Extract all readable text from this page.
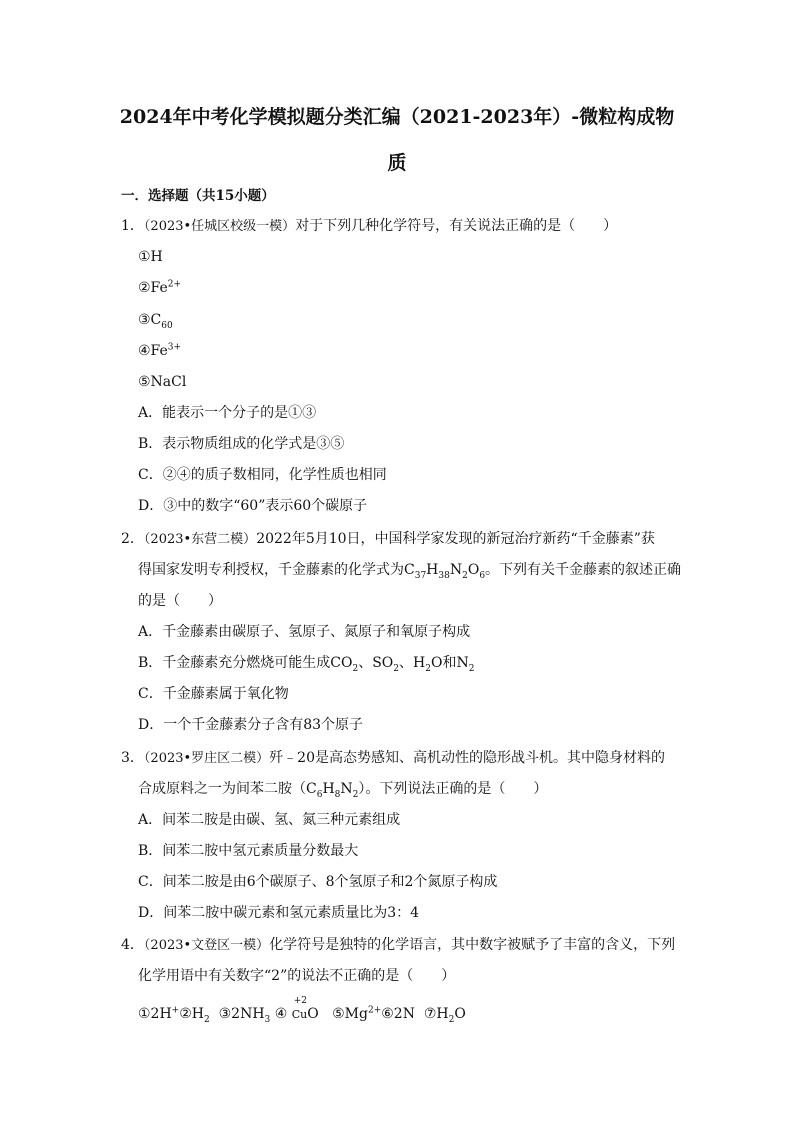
2024年中考化学模拟题分类汇编（2021-2023年）-微粒构成物
质
一．选择题（共15小题）
1．（2023•任城区校级一模）对于下列几种化学符号，有关说法正确的是（　　）
①H
$②Fe^{2+}$
$③C_{60}$
$④Fe^{3+}$
⑤NaCl
A．能表示一个分子的是①③
B．表示物质组成的化学式是③⑤
C．②④的质子数相同，化学性质也相同
D．③中的数字“60”表示60个碳原子
2．（2023•东营二模）2022年5月10日，中国科学家发现的新冠治疗新药“千金藤素”获
得国家发明专利授权，千金藤素的化学式为$C_{37}H_{38}N_2O_6$。下列有关千金藤素的叙述正确
的是（　　）
A．千金藤素由碳原子、氢原子、氮原子和氧原子构成
B．千金藤素充分燃烧可能生成$CO_2$、$SO_2$、$H_2O$和$N_2$
C．千金藤素属于氧化物
D．一个千金藤素分子含有83个原子
3．（2023•罗庄区二模）歼﹣20是高态势感知、高机动性的隐形战斗机。其中隐身材料的
合成原料之一为间苯二胺$(C_6H_8N_2)$。下列说法正确的是（　　）
A．间苯二胺是由碳、氢、氮三种元素组成
B．间苯二胺中氢元素质量分数最大
C．间苯二胺是由6个碳原子、8个氢原子和2个氮原子构成
D．间苯二胺中碳元素和氢元素质量比为3：4
4．（2023•文登区一模）化学符号是独特的化学语言，其中数字被赋予了丰富的含义，下列
化学用语中有关数字“2”的说法不正确的是（　　）
$①2H^+②H_2$ $③2NH_3$ ④
+2
CuO $⑤Mg^{2+}⑥2N$ $⑦H_2O$
